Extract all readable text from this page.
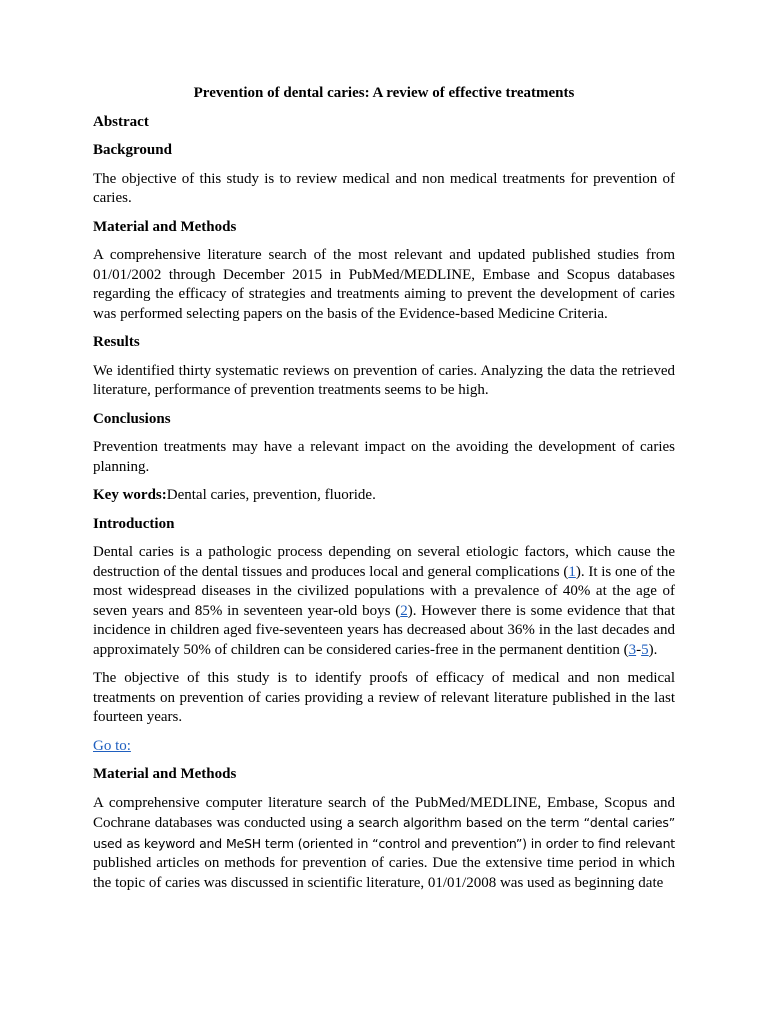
Prevention of dental caries: A review of effective treatments
Abstract
Background
The objective of this study is to review medical and non medical treatments for prevention of caries.
Material and Methods
A comprehensive literature search of the most relevant and updated published studies from 01/01/2002 through December 2015 in PubMed/MEDLINE, Embase and Scopus databases regarding the efficacy of strategies and treatments aiming to prevent the development of caries was performed selecting papers on the basis of the Evidence-based Medicine Criteria.
Results
We identified thirty systematic reviews on prevention of caries. Analyzing the data the retrieved literature, performance of prevention treatments seems to be high.
Conclusions
Prevention treatments may have a relevant impact on the avoiding the development of caries planning.
Key words:Dental caries, prevention, fluoride.
Introduction
Dental caries is a pathologic process depending on several etiologic factors, which cause the destruction of the dental tissues and produces local and general complications (1). It is one of the most widespread diseases in the civilized populations with a prevalence of 40% at the age of seven years and 85% in seventeen year-old boys (2). However there is some evidence that that incidence in children aged five-seventeen years has decreased about 36% in the last decades and approximately 50% of children can be considered caries-free in the permanent dentition (3-5).
The objective of this study is to identify proofs of efficacy of medical and non medical treatments on prevention of caries providing a review of relevant literature published in the last fourteen years.
Go to:
Material and Methods
A comprehensive computer literature search of the PubMed/MEDLINE, Embase, Scopus and Cochrane databases was conducted using a search algorithm based on the term “dental caries” used as keyword and MeSH term (oriented in “control and prevention”) in order to find relevant published articles on methods for prevention of caries. Due the extensive time period in which the topic of caries was discussed in scientific literature, 01/01/2008 was used as beginning date
